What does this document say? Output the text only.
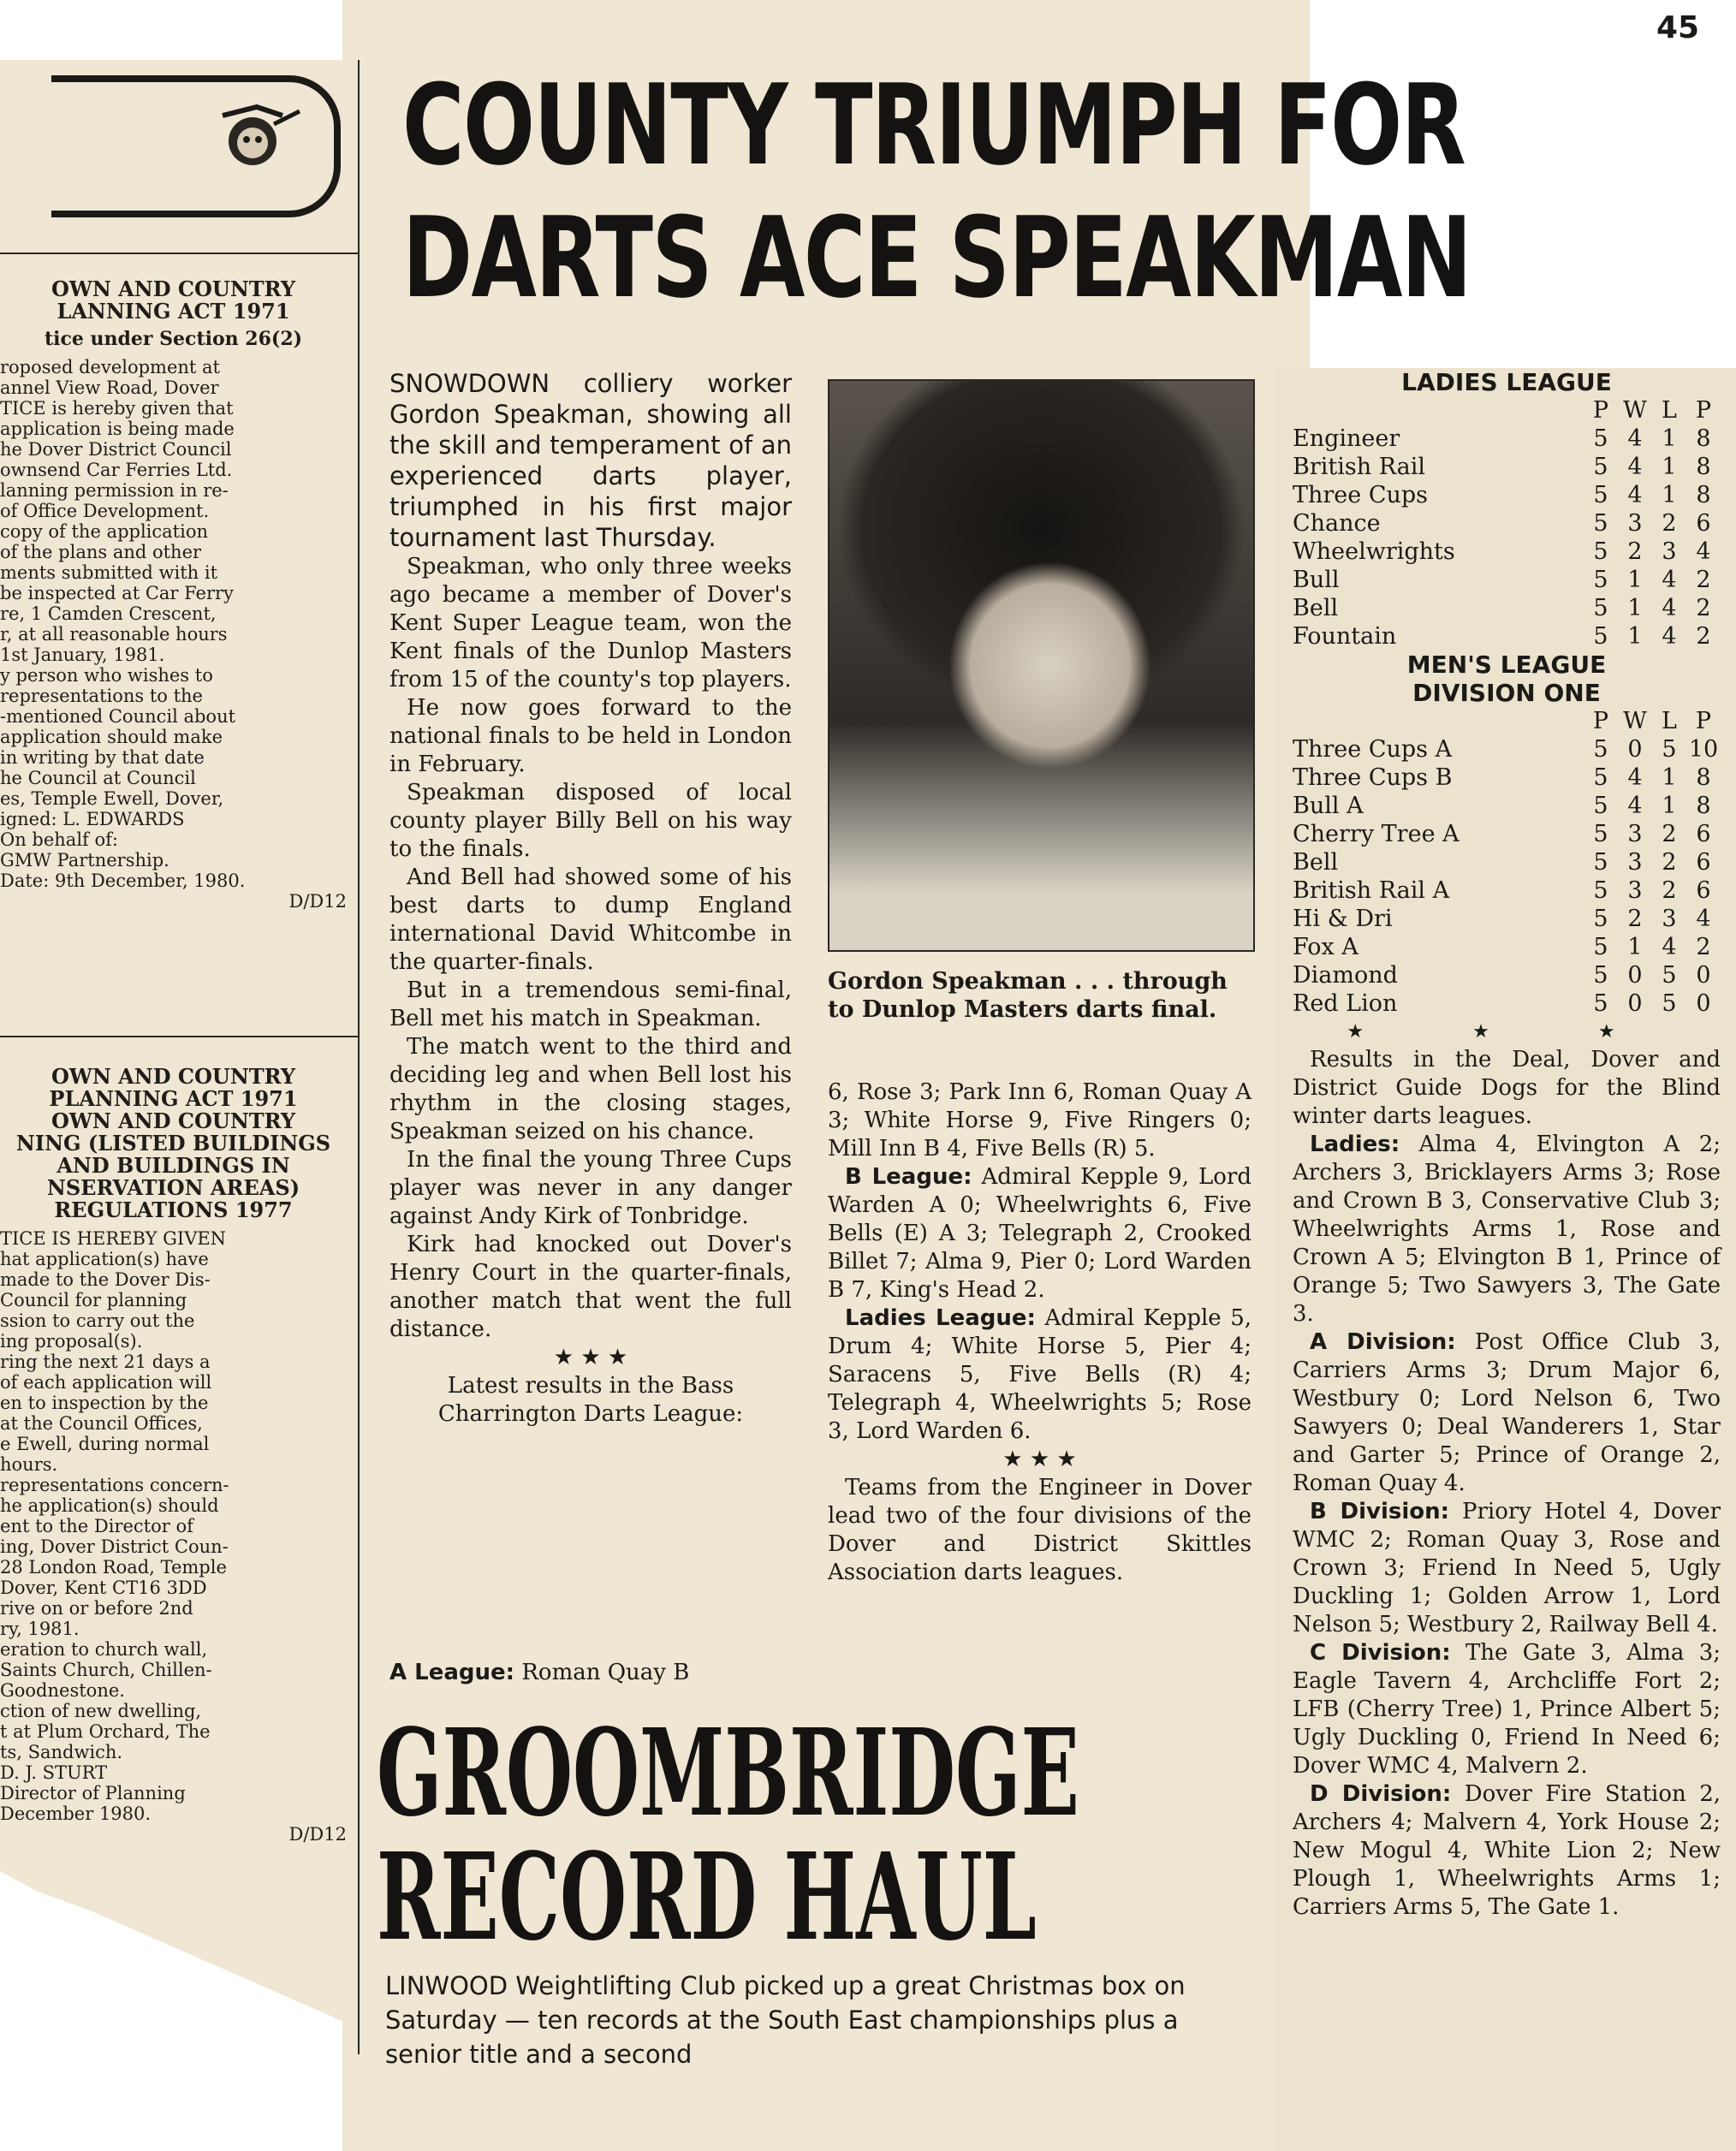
45
COUNTY TRIUMPH FOR
DARTS ACE SPEAKMAN

OWN AND COUNTRY

LANNING ACT 1971

tice under Section 26(2)

roposed development at

annel View Road, Dover

TICE is hereby given that

application is being made

he Dover District Council

ownsend Car Ferries Ltd.

lanning permission in re-

of Office Development.

copy of the application

of the plans and other

ments submitted with it

be inspected at Car Ferry

re, 1 Camden Crescent,

r, at all reasonable hours

1st January, 1981.

y person who wishes to

representations to the

-mentioned Council about

application should make

in writing by that date

he Council at Council

es, Temple Ewell, Dover,

igned: L. EDWARDS

On behalf of:

GMW Partnership.

Date: 9th December, 1980.

D/D12

OWN AND COUNTRY

PLANNING ACT 1971

OWN AND COUNTRY

NING (LISTED BUILDINGS

AND BUILDINGS IN

NSERVATION AREAS)

REGULATIONS 1977

TICE IS HEREBY GIVEN

hat application(s) have

made to the Dover Dis-

Council for planning

ssion to carry out the

ing proposal(s).

ring the next 21 days a

of each application will

en to inspection by the

at the Council Offices,

e Ewell, during normal

hours.

representations concern-

he application(s) should

ent to the Director of

ing, Dover District Coun-

28 London Road, Temple

Dover, Kent CT16 3DD

rive on or before 2nd

ry, 1981.

eration to church wall,

Saints Church, Chillen-

Goodnestone.

ction of new dwelling,

t at Plum Orchard, The

ts, Sandwich.

D. J. STURT

Director of Planning

December 1980.

D/D12

SNOWDOWN colliery worker Gordon Speakman, showing all the skill and temperament of an experienced darts player, triumphed in his first major tournament last Thursday.

Speakman, who only three weeks ago became a member of Dover's Kent Super League team, won the Kent finals of the Dunlop Masters from 15 of the county's top players.

He now goes forward to the national finals to be held in London in February.

Speakman disposed of local county player Billy Bell on his way to the finals.

And Bell had showed some of his best darts to dump England international David Whitcombe in the quarter-finals.

But in a tremendous semi-final, Bell met his match in Speakman.

The match went to the third and deciding leg and when Bell lost his rhythm in the closing stages, Speakman seized on his chance.

In the final the young Three Cups player was never in any danger against Andy Kirk of Tonbridge.

Kirk had knocked out Dover's Henry Court in the quarter-finals, another match that went the full distance.

★ ★ ★

Latest results in the Bass Charrington Darts League:

A League: Roman Quay B

Gordon Speakman . . . through to Dunlop Masters darts final.

6, Rose 3; Park Inn 6, Roman Quay A 3; White Horse 9, Five Ringers 0; Mill Inn B 4, Five Bells (R) 5.

B League: Admiral Kepple 9, Lord Warden A 0; Wheelwrights 6, Five Bells (E) A 3; Telegraph 2, Crooked Billet 7; Alma 9, Pier 0; Lord Warden B 7, King's Head 2.

Ladies League: Admiral Kepple 5, Drum 4; White Horse 5, Pier 4; Saracens 5, Five Bells (R) 4; Telegraph 4, Wheelwrights 5; Rose 3, Lord Warden 6.

★ ★ ★

Teams from the Engineer in Dover lead two of the four divisions of the Dover and District Skittles Association darts leagues.

LADIES LEAGUE
	P	W	L	P
Engineer	5	4	1	8
British Rail	5	4	1	8
Three Cups	5	4	1	8
Chance	5	3	2	6
Wheelwrights	5	2	3	4
Bull	5	1	4	2
Bell	5	1	4	2
Fountain	5	1	4	2
MEN'S LEAGUE
DIVISION ONE
	P	W	L	P
Three Cups A	5	0	5	10
Three Cups B	5	4	1	8
Bull A	5	4	1	8
Cherry Tree A	5	3	2	6
Bell	5	3	2	6
British Rail A	5	3	2	6
Hi & Dri	5	2	3	4
Fox A	5	1	4	2
Diamond	5	0	5	0
Red Lion	5	0	5	0
★ ★ ★

Results in the Deal, Dover and District Guide Dogs for the Blind winter darts leagues.

Ladies: Alma 4, Elvington A 2; Archers 3, Bricklayers Arms 3; Rose and Crown B 3, Conservative Club 3; Wheelwrights Arms 1, Rose and Crown A 5; Elvington B 1, Prince of Orange 5; Two Sawyers 3, The Gate 3.

A Division: Post Office Club 3, Carriers Arms 3; Drum Major 6, Westbury 0; Lord Nelson 6, Two Sawyers 0; Deal Wanderers 1, Star and Garter 5; Prince of Orange 2, Roman Quay 4.

B Division: Priory Hotel 4, Dover WMC 2; Roman Quay 3, Rose and Crown 3; Friend In Need 5, Ugly Duckling 1; Golden Arrow 1, Lord Nelson 5; Westbury 2, Railway Bell 4.

C Division: The Gate 3, Alma 3; Eagle Tavern 4, Archcliffe Fort 2; LFB (Cherry Tree) 1, Prince Albert 5; Ugly Duckling 0, Friend In Need 6; Dover WMC 4, Malvern 2.

D Division: Dover Fire Station 2, Archers 4; Malvern 4, York House 2; New Mogul 4, White Lion 2; New Plough 1, Wheelwrights Arms 1; Carriers Arms 5, The Gate 1.

GROOMBRIDGE
RECORD HAUL
LINWOOD Weightlifting Club picked up a great Christmas box on Saturday — ten records at the South East championships plus a senior title and a second
